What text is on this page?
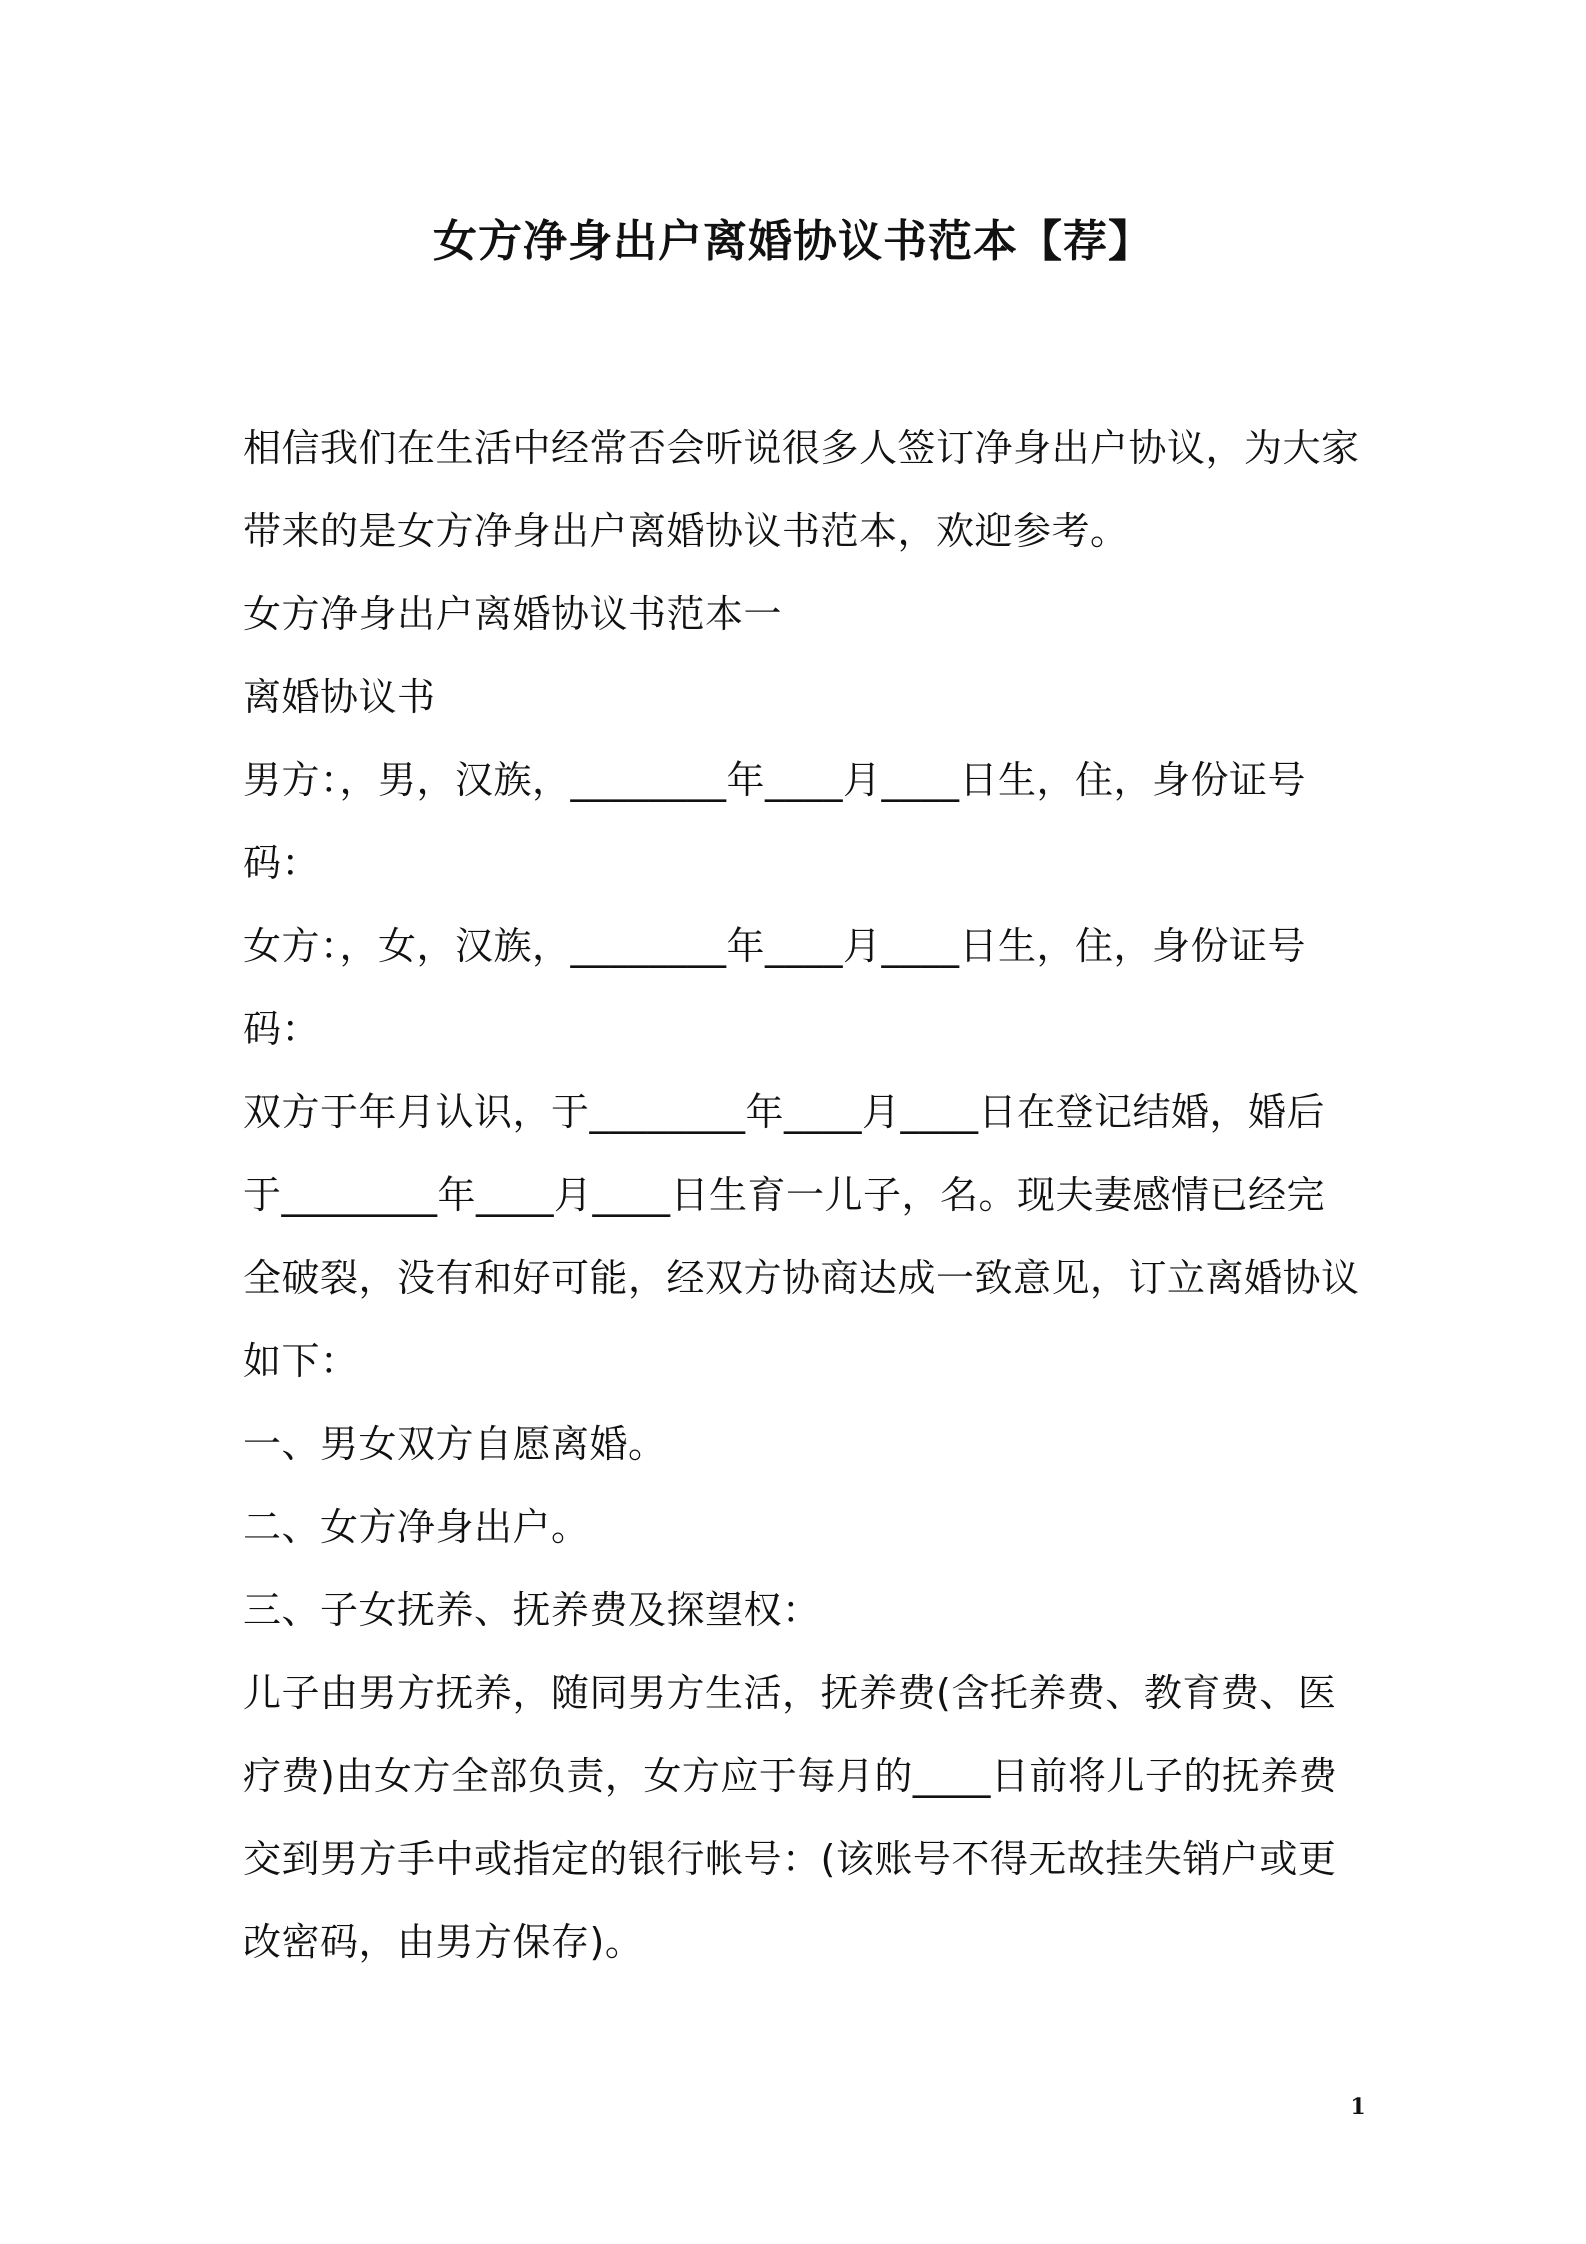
女方净身出户离婚协议书范本【荐】

相信我们在生活中经常否会听说很多人签订净身出户协议，为大家带来的是女方净身出户离婚协议书范本，欢迎参考。

女方净身出户离婚协议书范本一

离婚协议书

男方：，男，汉族，________年____月____日生，住，身份证号码：

女方：，女，汉族，________年____月____日生，住，身份证号码：

双方于年月认识，于________年____月____日在登记结婚，婚后于________年____月____日生育一儿子，名。现夫妻感情已经完全破裂，没有和好可能，经双方协商达成一致意见，订立离婚协议如下：

一、男女双方自愿离婚。

二、女方净身出户。

三、子女抚养、抚养费及探望权：

儿子由男方抚养，随同男方生活，抚养费(含托养费、教育费、医疗费)由女方全部负责，女方应于每月的____日前将儿子的抚养费交到男方手中或指定的银行帐号：(该账号不得无故挂失销户或更改密码，由男方保存)。

1
